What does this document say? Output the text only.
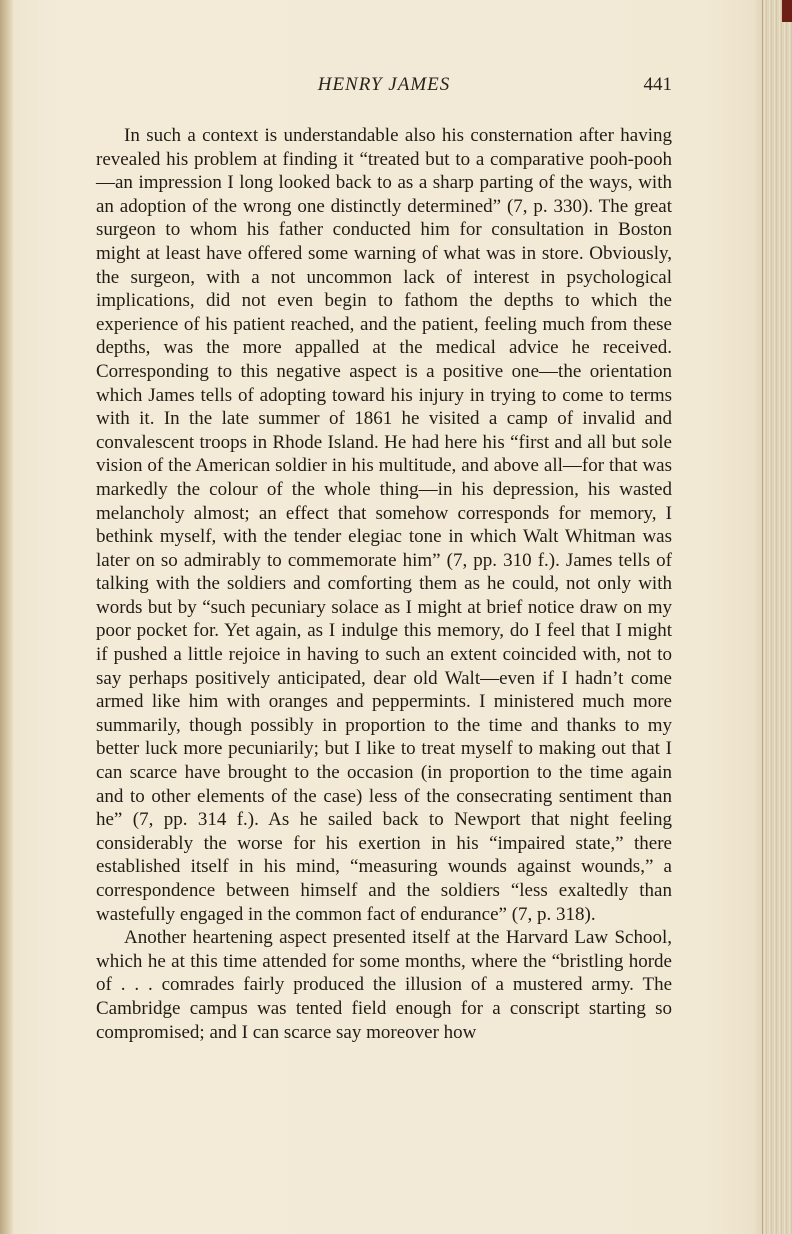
HENRY JAMES	441

In such a context is understandable also his consternation after having revealed his problem at finding it “treated but to a comparative pooh-pooh—an impression I long looked back to as a sharp parting of the ways, with an adoption of the wrong one distinctly determined” (7, p. 330). The great surgeon to whom his father conducted him for consultation in Boston might at least have offered some warning of what was in store. Obviously, the surgeon, with a not uncommon lack of interest in psychological implications, did not even begin to fathom the depths to which the experience of his patient reached, and the patient, feeling much from these depths, was the more appalled at the medical advice he received. Corresponding to this negative aspect is a positive one—the orientation which James tells of adopting toward his injury in trying to come to terms with it. In the late summer of 1861 he visited a camp of invalid and convalescent troops in Rhode Island. He had here his “first and all but sole vision of the American soldier in his multitude, and above all—for that was markedly the colour of the whole thing—in his depression, his wasted melancholy almost; an effect that somehow corresponds for memory, I bethink myself, with the tender elegiac tone in which Walt Whitman was later on so admirably to commemorate him” (7, pp. 310 f.). James tells of talking with the soldiers and comforting them as he could, not only with words but by “such pecuniary solace as I might at brief notice draw on my poor pocket for. Yet again, as I indulge this memory, do I feel that I might if pushed a little rejoice in having to such an extent coincided with, not to say perhaps positively anticipated, dear old Walt—even if I hadn’t come armed like him with oranges and peppermints. I ministered much more summarily, though possibly in proportion to the time and thanks to my better luck more pecuniarily; but I like to treat myself to making out that I can scarce have brought to the occasion (in proportion to the time again and to other elements of the case) less of the consecrating sentiment than he” (7, pp. 314 f.). As he sailed back to Newport that night feeling considerably the worse for his exertion in his “impaired state,” there established itself in his mind, “measuring wounds against wounds,” a correspondence between himself and the soldiers “less exaltedly than wastefully engaged in the common fact of endurance” (7, p. 318).

Another heartening aspect presented itself at the Harvard Law School, which he at this time attended for some months, where the “bristling horde of . . . comrades fairly produced the illusion of a mustered army. The Cambridge campus was tented field enough for a conscript starting so compromised; and I can scarce say moreover how
